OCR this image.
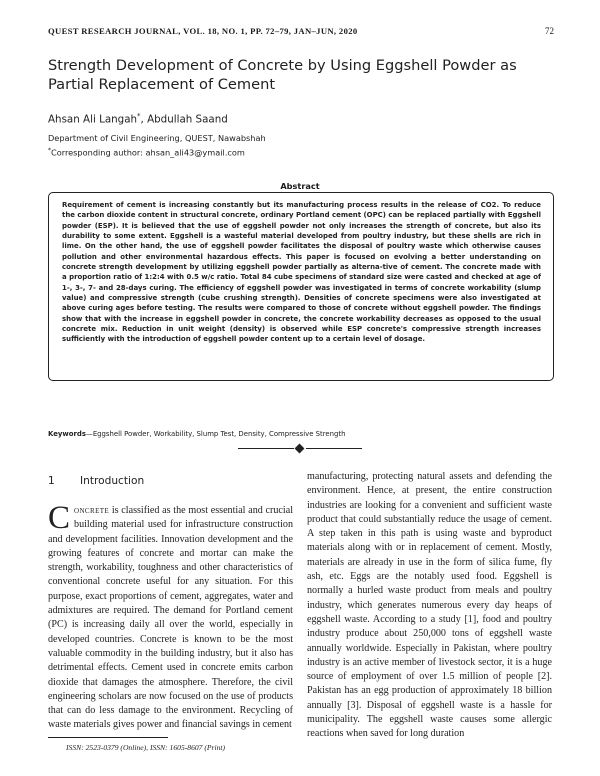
QUEST RESEARCH JOURNAL, VOL. 18, NO. 1, PP. 72–79, JAN–JUN, 2020	72
Strength Development of Concrete by Using Eggshell Powder as Partial Replacement of Cement
Ahsan Ali Langah*, Abdullah Saand
Department of Civil Engineering, QUEST, Nawabshah
*Corresponding author: ahsan_ali43@ymail.com
Abstract
Requirement of cement is increasing constantly but its manufacturing process results in the release of CO2. To reduce the carbon dioxide content in structural concrete, ordinary Portland cement (OPC) can be replaced partially with Eggshell powder (ESP). It is believed that the use of eggshell powder not only increases the strength of concrete, but also its durability to some extent. Eggshell is a wasteful material developed from poultry industry, but these shells are rich in lime. On the other hand, the use of eggshell powder facilitates the disposal of poultry waste which otherwise causes pollution and other environmental hazardous effects. This paper is focused on evolving a better understanding on concrete strength development by utilizing eggshell powder partially as alterna-tive of cement. The concrete made with a proportion ratio of 1:2:4 with 0.5 w/c ratio. Total 84 cube specimens of standard size were casted and checked at age of 1-, 3-, 7- and 28-days curing. The efficiency of eggshell powder was investigated in terms of concrete workability (slump value) and compressive strength (cube crushing strength). Densities of concrete specimens were also investigated at above curing ages before testing. The results were compared to those of concrete without eggshell powder. The findings show that with the increase in eggshell powder in concrete, the concrete workability decreases as opposed to the usual concrete mix. Reduction in unit weight (density) is observed while ESP concrete's compressive strength increases sufficiently with the introduction of eggshell powder content up to a certain level of dosage.
Keywords—Eggshell Powder, Workability, Slump Test, Density, Compressive Strength
1 Introduction
Concrete is classified as the most essential and crucial building material used for infrastructure construction and development facilities. Innovation development and the growing features of concrete and mortar can make the strength, workability, toughness and other characteristics of conventional concrete useful for any situation. For this purpose, exact proportions of cement, aggregates, water and admixtures are required. The demand for Portland cement (PC) is increasing daily all over the world, especially in developed countries. Concrete is known to be the most valuable commodity in the building industry, but it also has detrimental effects. Cement used in concrete emits carbon dioxide that damages the atmosphere. Therefore, the civil engineering scholars are now focused on the use of products that can do less damage to the environment. Recycling of waste materials gives power and financial savings in cement
manufacturing, protecting natural assets and defending the environment. Hence, at present, the entire construction industries are looking for a convenient and sufficient waste product that could substantially reduce the usage of cement. A step taken in this path is using waste and byproduct materials along with or in replacement of cement. Mostly, materials are already in use in the form of silica fume, fly ash, etc. Eggs are the notably used food. Eggshell is normally a hurled waste product from meals and poultry industry, which generates numerous every day heaps of eggshell waste. According to a study [1], food and poultry industry produce about 250,000 tons of eggshell waste annually worldwide. Especially in Pakistan, where poultry industry is an active member of livestock sector, it is a huge source of employment of over 1.5 million of people [2]. Pakistan has an egg production of approximately 18 billion annually [3]. Disposal of eggshell waste is a hassle for municipality. The eggshell waste causes some allergic reactions when saved for long duration
ISSN: 2523-0379 (Online), ISSN: 1605-8607 (Print)
